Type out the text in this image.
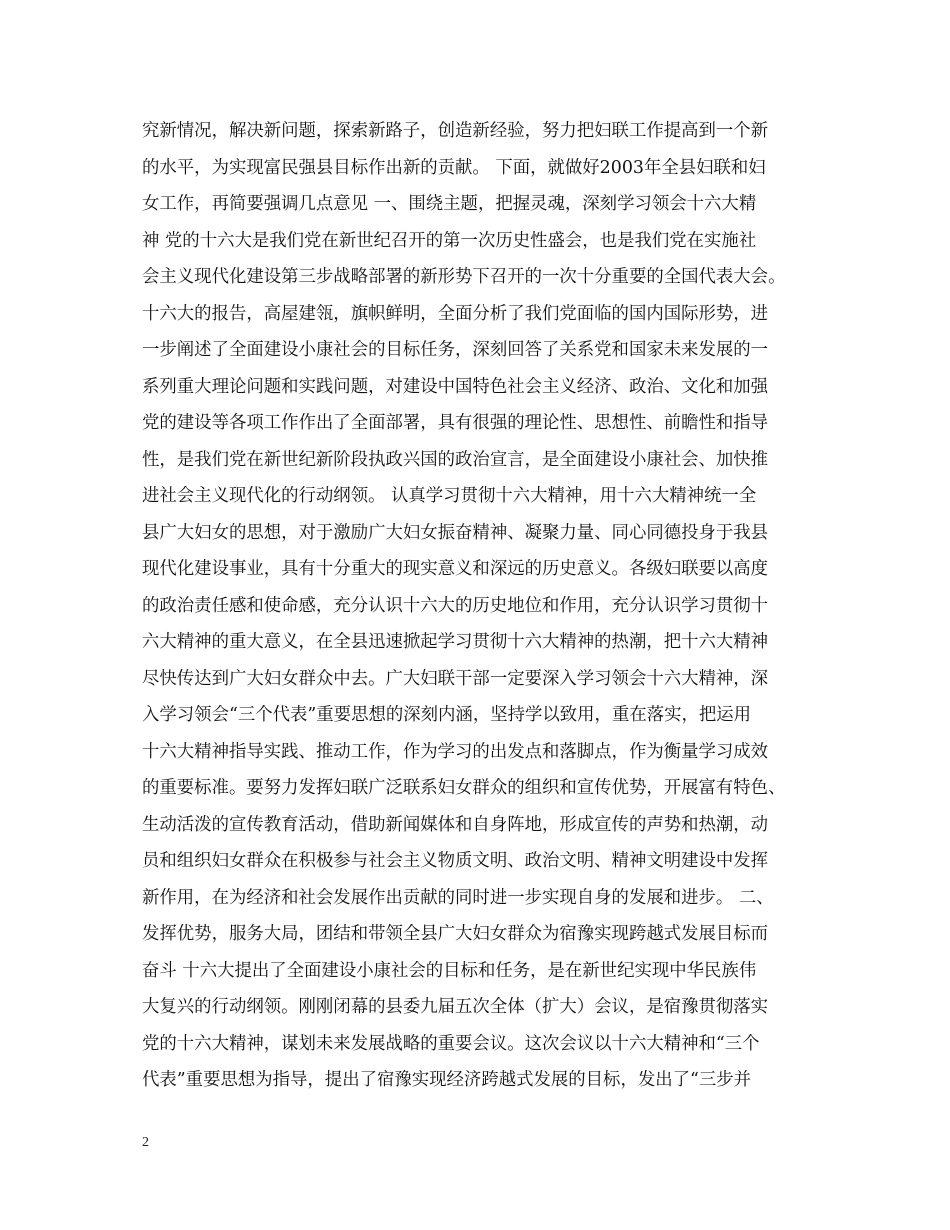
究新情况，解决新问题，探索新路子，创造新经验，努力把妇联工作提高到一个新
的水平，为实现富民强县目标作出新的贡献。 下面，就做好2003年全县妇联和妇
女工作，再简要强调几点意见 一、围绕主题，把握灵魂，深刻学习领会十六大精
神 党的十六大是我们党在新世纪召开的第一次历史性盛会，也是我们党在实施社
会主义现代化建设第三步战略部署的新形势下召开的一次十分重要的全国代表大会。
十六大的报告，高屋建瓴，旗帜鲜明，全面分析了我们党面临的国内国际形势，进
一步阐述了全面建设小康社会的目标任务，深刻回答了关系党和国家未来发展的一
系列重大理论问题和实践问题，对建设中国特色社会主义经济、政治、文化和加强
党的建设等各项工作作出了全面部署，具有很强的理论性、思想性、前瞻性和指导
性，是我们党在新世纪新阶段执政兴国的政治宣言，是全面建设小康社会、加快推
进社会主义现代化的行动纲领。 认真学习贯彻十六大精神，用十六大精神统一全
县广大妇女的思想，对于激励广大妇女振奋精神、凝聚力量、同心同德投身于我县
现代化建设事业，具有十分重大的现实意义和深远的历史意义。各级妇联要以高度
的政治责任感和使命感，充分认识十六大的历史地位和作用，充分认识学习贯彻十
六大精神的重大意义，在全县迅速掀起学习贯彻十六大精神的热潮，把十六大精神
尽快传达到广大妇女群众中去。广大妇联干部一定要深入学习领会十六大精神，深
入学习领会“三个代表”重要思想的深刻内涵，坚持学以致用，重在落实，把运用
十六大精神指导实践、推动工作，作为学习的出发点和落脚点，作为衡量学习成效
的重要标准。要努力发挥妇联广泛联系妇女群众的组织和宣传优势，开展富有特色、
生动活泼的宣传教育活动，借助新闻媒体和自身阵地，形成宣传的声势和热潮，动
员和组织妇女群众在积极参与社会主义物质文明、政治文明、精神文明建设中发挥
新作用，在为经济和社会发展作出贡献的同时进一步实现自身的发展和进步。 二、
发挥优势，服务大局，团结和带领全县广大妇女群众为宿豫实现跨越式发展目标而
奋斗 十六大提出了全面建设小康社会的目标和任务，是在新世纪实现中华民族伟
大复兴的行动纲领。刚刚闭幕的县委九届五次全体（扩大）会议，是宿豫贯彻落实
党的十六大精神，谋划未来发展战略的重要会议。这次会议以十六大精神和“三个
代表”重要思想为指导，提出了宿豫实现经济跨越式发展的目标，发出了“三步并
2
